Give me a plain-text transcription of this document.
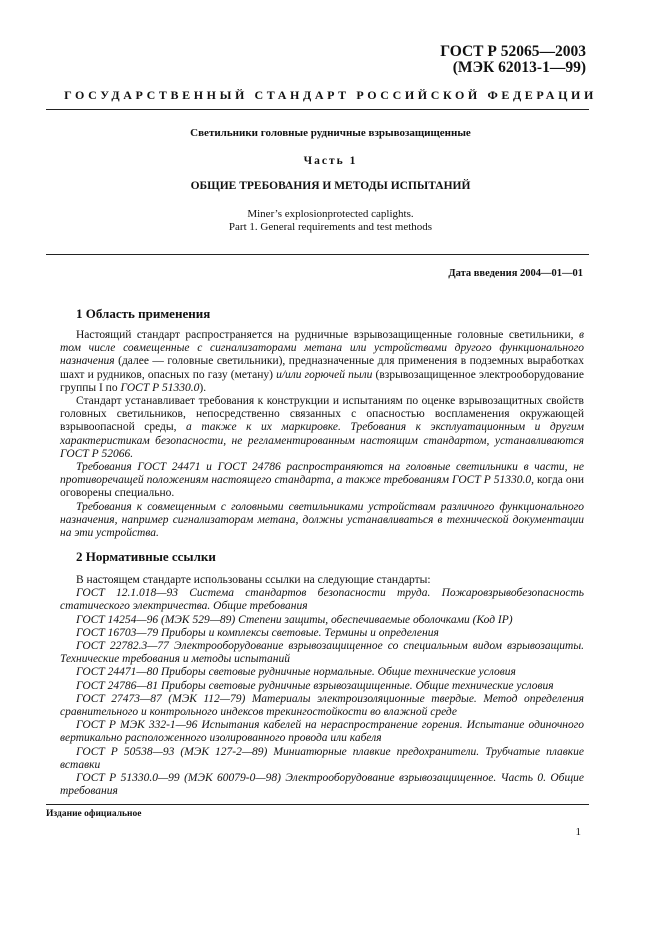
ГОСТ Р 52065—2003
(МЭК 62013-1—99)
ГОСУДАРСТВЕННЫЙ СТАНДАРТ РОССИЙСКОЙ ФЕДЕРАЦИИ
Светильники головные рудничные взрывозащищенные
Часть 1
ОБЩИЕ ТРЕБОВАНИЯ И МЕТОДЫ ИСПЫТАНИЙ
Miner’s explosionprotected caplights.
Part 1. General requirements and test methods
Дата введения 2004—01—01
1 Область применения

Настоящий стандарт распространяется на рудничные взрывозащищенные головные светильники, в том числе совмещенные с сигнализаторами метана или устройствами другого функционального назначения (далее — головные светильники), предназначенные для применения в подземных выработках шахт и рудников, опасных по газу (метану) и/или горючей пыли (взрывозащищенное электрооборудование группы I по ГОСТ Р 51330.0).

Стандарт устанавливает требования к конструкции и испытаниям по оценке взрывозащитных свойств головных светильников, непосредственно связанных с опасностью воспламенения окружающей взрывоопасной среды, а также к их маркировке. Требования к эксплуатационным и другим характеристикам безопасности, не регламентированным настоящим стандартом, устанавливаются ГОСТ Р 52066.

Требования ГОСТ 24471 и ГОСТ 24786 распространяются на головные светильники в части, не противоречащей положениям настоящего стандарта, а также требованиям ГОСТ Р 51330.0, когда они оговорены специально.

Требования к совмещенным с головными светильниками устройствам различного функционального назначения, например сигнализаторам метана, должны устанавливаться в технической документации на эти устройства.

2 Нормативные ссылки

В настоящем стандарте использованы ссылки на следующие стандарты:

ГОСТ 12.1.018—93 Система стандартов безопасности труда. Пожаровзрывобезопасность статического электричества. Общие требования

ГОСТ 14254—96 (МЭК 529—89) Степени защиты, обеспечиваемые оболочками (Код IP)

ГОСТ 16703—79 Приборы и комплексы световые. Термины и определения

ГОСТ 22782.3—77 Электрооборудование взрывозащищенное со специальным видом взрывозащиты. Технические требования и методы испытаний

ГОСТ 24471—80 Приборы световые рудничные нормальные. Общие технические условия

ГОСТ 24786—81 Приборы световые рудничные взрывозащищенные. Общие технические условия

ГОСТ 27473—87 (МЭК 112—79) Материалы электроизоляционные твердые. Метод определения сравнительного и контрольного индексов трекингостойкости во влажной среде

ГОСТ Р МЭК 332-1—96 Испытания кабелей на нераспространение горения. Испытание одиночного вертикально расположенного изолированного провода или кабеля

ГОСТ Р 50538—93 (МЭК 127-2—89) Миниатюрные плавкие предохранители. Трубчатые плавкие вставки

ГОСТ Р 51330.0—99 (МЭК 60079-0—98) Электрооборудование взрывозащищенное. Часть 0. Общие требования

Издание официальное
1
